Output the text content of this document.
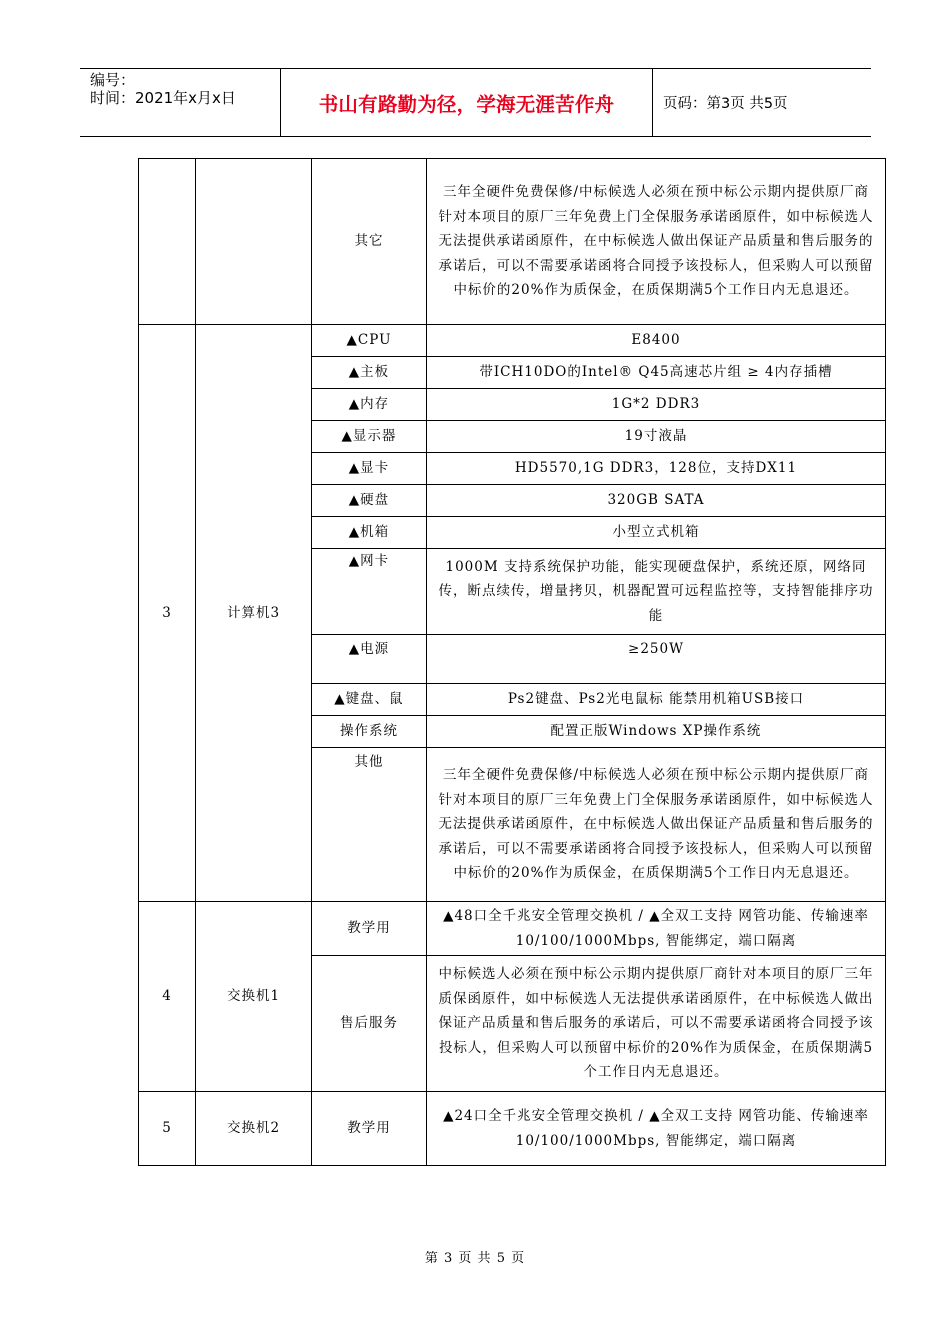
编号：
时间：2021年x月x日	书山有路勤为径，学海无涯苦作舟	页码：第3页 共5页
		其它	三年全硬件免费保修/中标候选人必须在预中标公示期内提供原厂商针对本项目的原厂三年免费上门全保服务承诺函原件，如中标候选人无法提供承诺函原件，在中标候选人做出保证产品质量和售后服务的承诺后，可以不需要承诺函将合同授予该投标人，但采购人可以预留中标价的20%作为质保金，在质保期满5个工作日内无息退还。
3	计算机3	▲CPU	E8400
		▲主板	带ICH10DO的Intel® Q45高速芯片组 ≥ 4内存插槽
		▲内存	1G*2 DDR3
		▲显示器	19寸液晶
		▲显卡	HD5570,1G DDR3，128位，支持DX11
		▲硬盘	320GB SATA
		▲机箱	小型立式机箱
		▲网卡	1000M 支持系统保护功能，能实现硬盘保护，系统还原，网络同传，断点续传，增量拷贝，机器配置可远程监控等，支持智能排序功能
		▲电源	≥250W
		▲键盘、鼠	Ps2键盘、Ps2光电鼠标 能禁用机箱USB接口
		操作系统	配置正版Windows XP操作系统
		其他	三年全硬件免费保修/中标候选人必须在预中标公示期内提供原厂商针对本项目的原厂三年免费上门全保服务承诺函原件，如中标候选人无法提供承诺函原件，在中标候选人做出保证产品质量和售后服务的承诺后，可以不需要承诺函将合同授予该投标人，但采购人可以预留中标价的20%作为质保金，在质保期满5个工作日内无息退还。
4	交换机1	教学用	▲48口全千兆安全管理交换机 / ▲全双工支持 网管功能、传输速率10/100/1000Mbps, 智能绑定，端口隔离
		售后服务	中标候选人必须在预中标公示期内提供原厂商针对本项目的原厂三年质保函原件，如中标候选人无法提供承诺函原件，在中标候选人做出保证产品质量和售后服务的承诺后，可以不需要承诺函将合同授予该投标人，但采购人可以预留中标价的20%作为质保金，在质保期满5个工作日内无息退还。
5	交换机2	教学用	▲24口全千兆安全管理交换机 / ▲全双工支持 网管功能、传输速率10/100/1000Mbps, 智能绑定，端口隔离
第 3 页 共 5 页
